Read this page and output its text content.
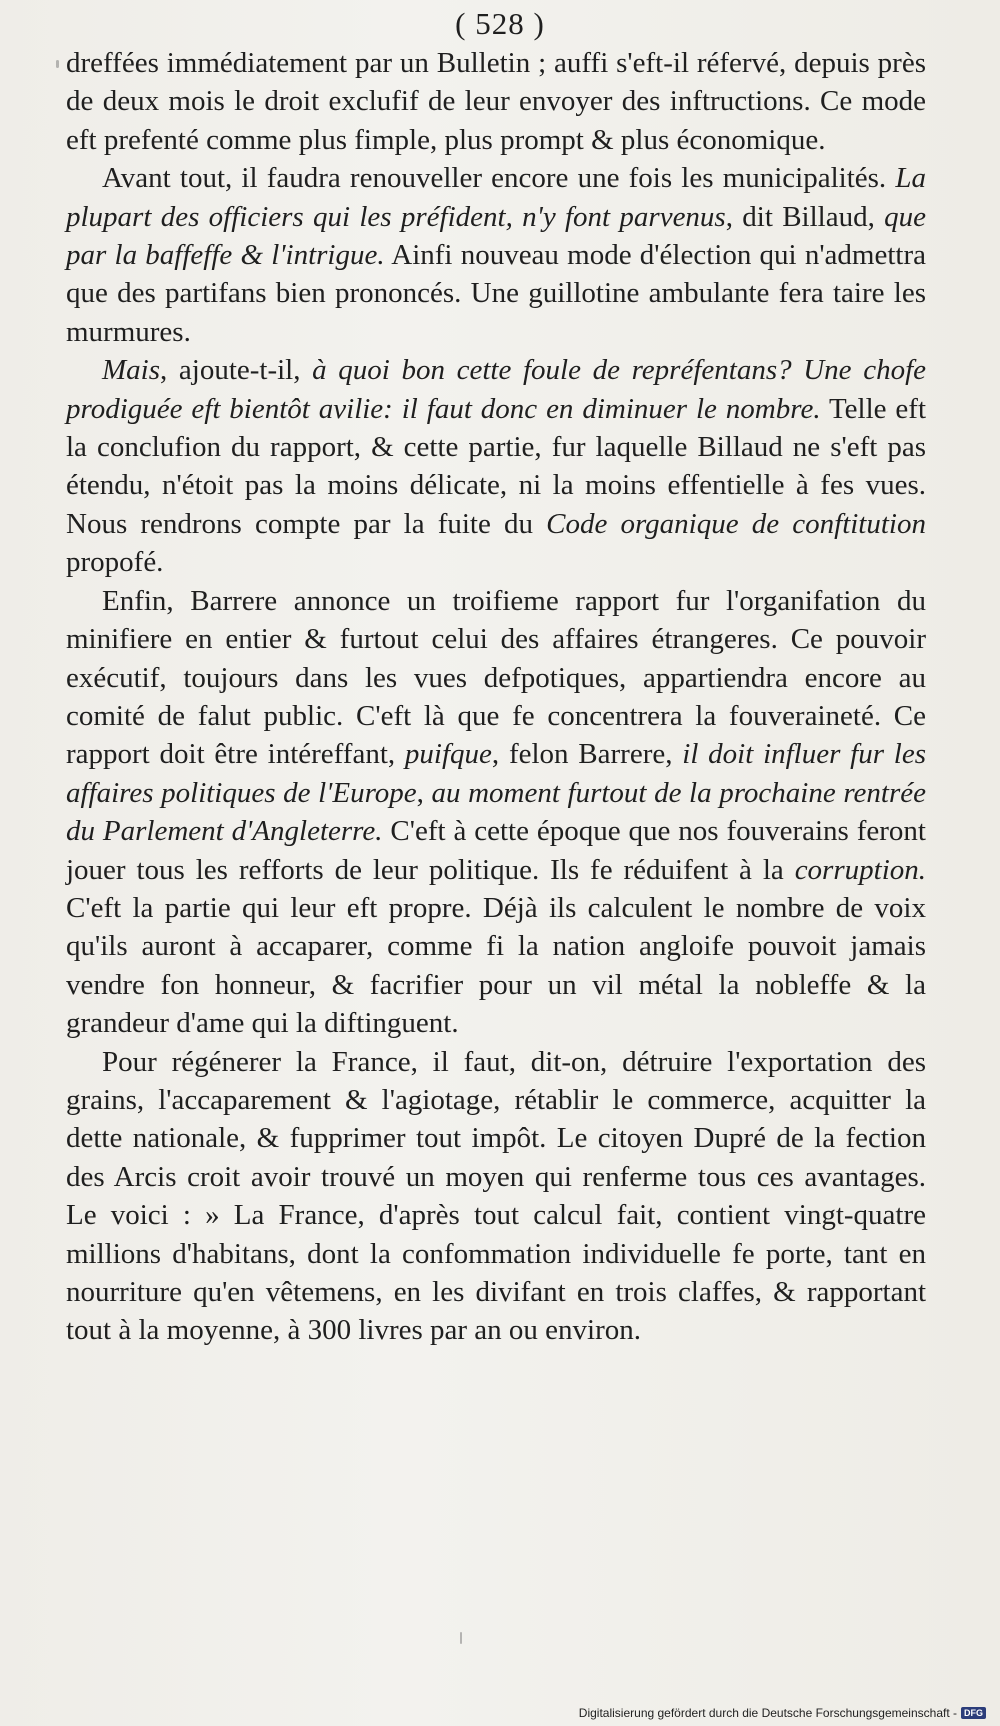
( 528 )

dreffées immédiatement par un Bulletin ; auffi s'eft-il réfervé, depuis près de deux mois le droit exclufif de leur envoyer des inftructions. Ce mode eft prefenté comme plus fimple, plus prompt & plus économique.

Avant tout, il faudra renouveller encore une fois les municipalités. La plupart des officiers qui les préfident, n'y font parvenus, dit Billaud, que par la baffeffe & l'intrigue. Ainfi nouveau mode d'élection qui n'admettra que des partifans bien prononcés. Une guillotine ambulante fera taire les murmures.

Mais, ajoute-t-il, à quoi bon cette foule de repréfentans? Une chofe prodiguée eft bientôt avilie: il faut donc en diminuer le nombre. Telle eft la conclufion du rapport, & cette partie, fur laquelle Billaud ne s'eft pas étendu, n'étoit pas la moins délicate, ni la moins effentielle à fes vues. Nous rendrons compte par la fuite du Code organique de conftitution propofé.

Enfin, Barrere annonce un troifieme rapport fur l'organifation du minifiere en entier & furtout celui des affaires étrangeres. Ce pouvoir exécutif, toujours dans les vues defpotiques, appartiendra encore au comité de falut public. C'eft là que fe concentrera la fouveraineté. Ce rapport doit être intéreffant, puifque, felon Barrere, il doit influer fur les affaires politiques de l'Europe, au moment furtout de la prochaine rentrée du Parlement d'Angleterre. C'eft à cette époque que nos fouverains feront jouer tous les refforts de leur politique. Ils fe réduifent à la corruption. C'eft la partie qui leur eft propre. Déjà ils calculent le nombre de voix qu'ils auront à accaparer, comme fi la nation angloife pouvoit jamais vendre fon honneur, & facrifier pour un vil métal la nobleffe & la grandeur d'ame qui la diftinguent.

Pour régénerer la France, il faut, dit-on, détruire l'exportation des grains, l'accaparement & l'agiotage, rétablir le commerce, acquitter la dette nationale, & fupprimer tout impôt. Le citoyen Dupré de la fection des Arcis croit avoir trouvé un moyen qui renferme tous ces avantages. Le voici : » La France, d'après tout calcul fait, contient vingt-quatre millions d'habitans, dont la confommation individuelle fe porte, tant en nourriture qu'en vêtemens, en les divifant en trois claffes, & rapportant tout à la moyenne, à 300 livres par an ou environ.

Digitalisierung gefördert durch die Deutsche Forschungsgemeinschaft - DFG
